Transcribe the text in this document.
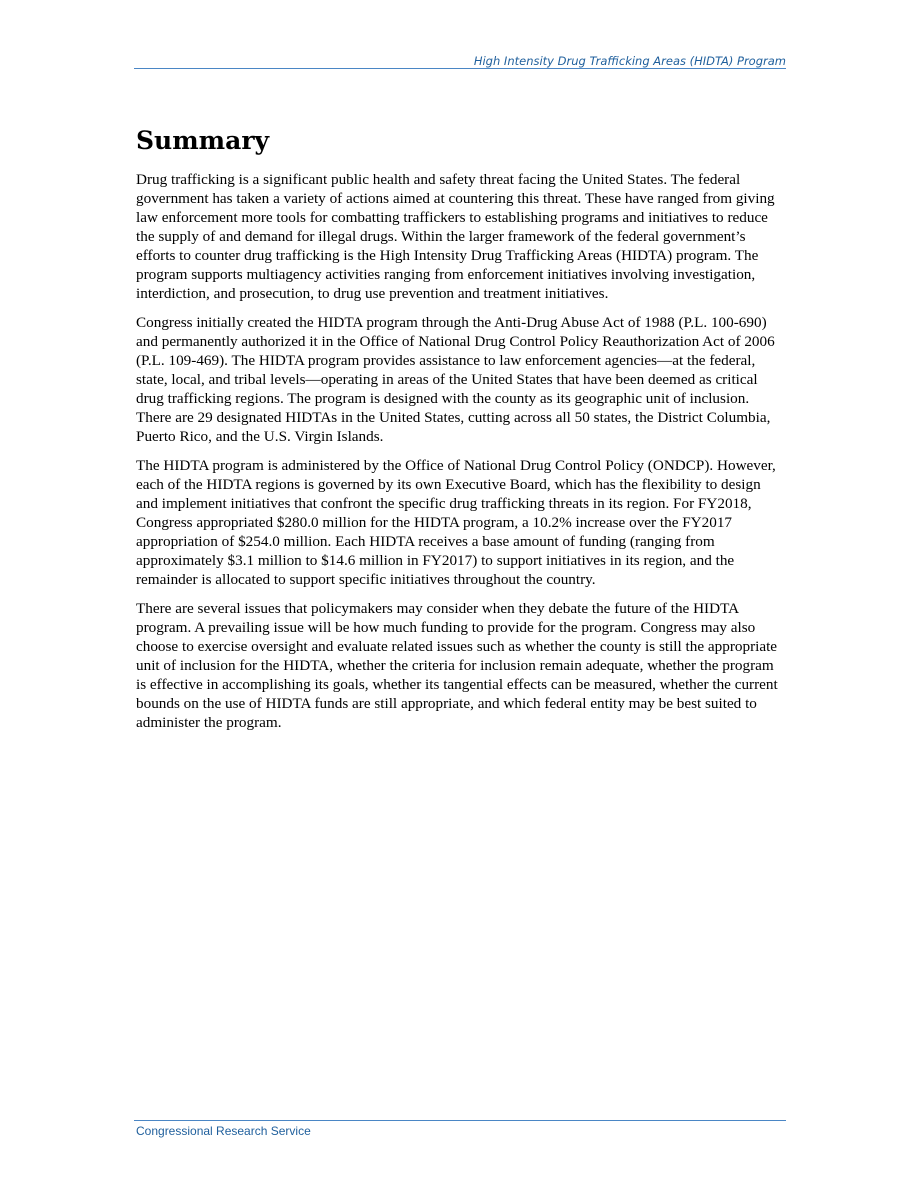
High Intensity Drug Trafficking Areas (HIDTA) Program
Summary

Drug trafficking is a significant public health and safety threat facing the United States. The federal government has taken a variety of actions aimed at countering this threat. These have ranged from giving law enforcement more tools for combatting traffickers to establishing programs and initiatives to reduce the supply of and demand for illegal drugs. Within the larger framework of the federal government’s efforts to counter drug trafficking is the High Intensity Drug Trafficking Areas (HIDTA) program. The program supports multiagency activities ranging from enforcement initiatives involving investigation, interdiction, and prosecution, to drug use prevention and treatment initiatives.

Congress initially created the HIDTA program through the Anti-Drug Abuse Act of 1988 (P.L. 100-690) and permanently authorized it in the Office of National Drug Control Policy Reauthorization Act of 2006 (P.L. 109-469). The HIDTA program provides assistance to law enforcement agencies—at the federal, state, local, and tribal levels—operating in areas of the United States that have been deemed as critical drug trafficking regions. The program is designed with the county as its geographic unit of inclusion. There are 29 designated HIDTAs in the United States, cutting across all 50 states, the District Columbia, Puerto Rico, and the U.S. Virgin Islands.

The HIDTA program is administered by the Office of National Drug Control Policy (ONDCP). However, each of the HIDTA regions is governed by its own Executive Board, which has the flexibility to design and implement initiatives that confront the specific drug trafficking threats in its region. For FY2018, Congress appropriated $280.0 million for the HIDTA program, a 10.2% increase over the FY2017 appropriation of $254.0 million. Each HIDTA receives a base amount of funding (ranging from approximately $3.1 million to $14.6 million in FY2017) to support initiatives in its region, and the remainder is allocated to support specific initiatives throughout the country.

There are several issues that policymakers may consider when they debate the future of the HIDTA program. A prevailing issue will be how much funding to provide for the program. Congress may also choose to exercise oversight and evaluate related issues such as whether the county is still the appropriate unit of inclusion for the HIDTA, whether the criteria for inclusion remain adequate, whether the program is effective in accomplishing its goals, whether its tangential effects can be measured, whether the current bounds on the use of HIDTA funds are still appropriate, and which federal entity may be best suited to administer the program.

Congressional Research Service
